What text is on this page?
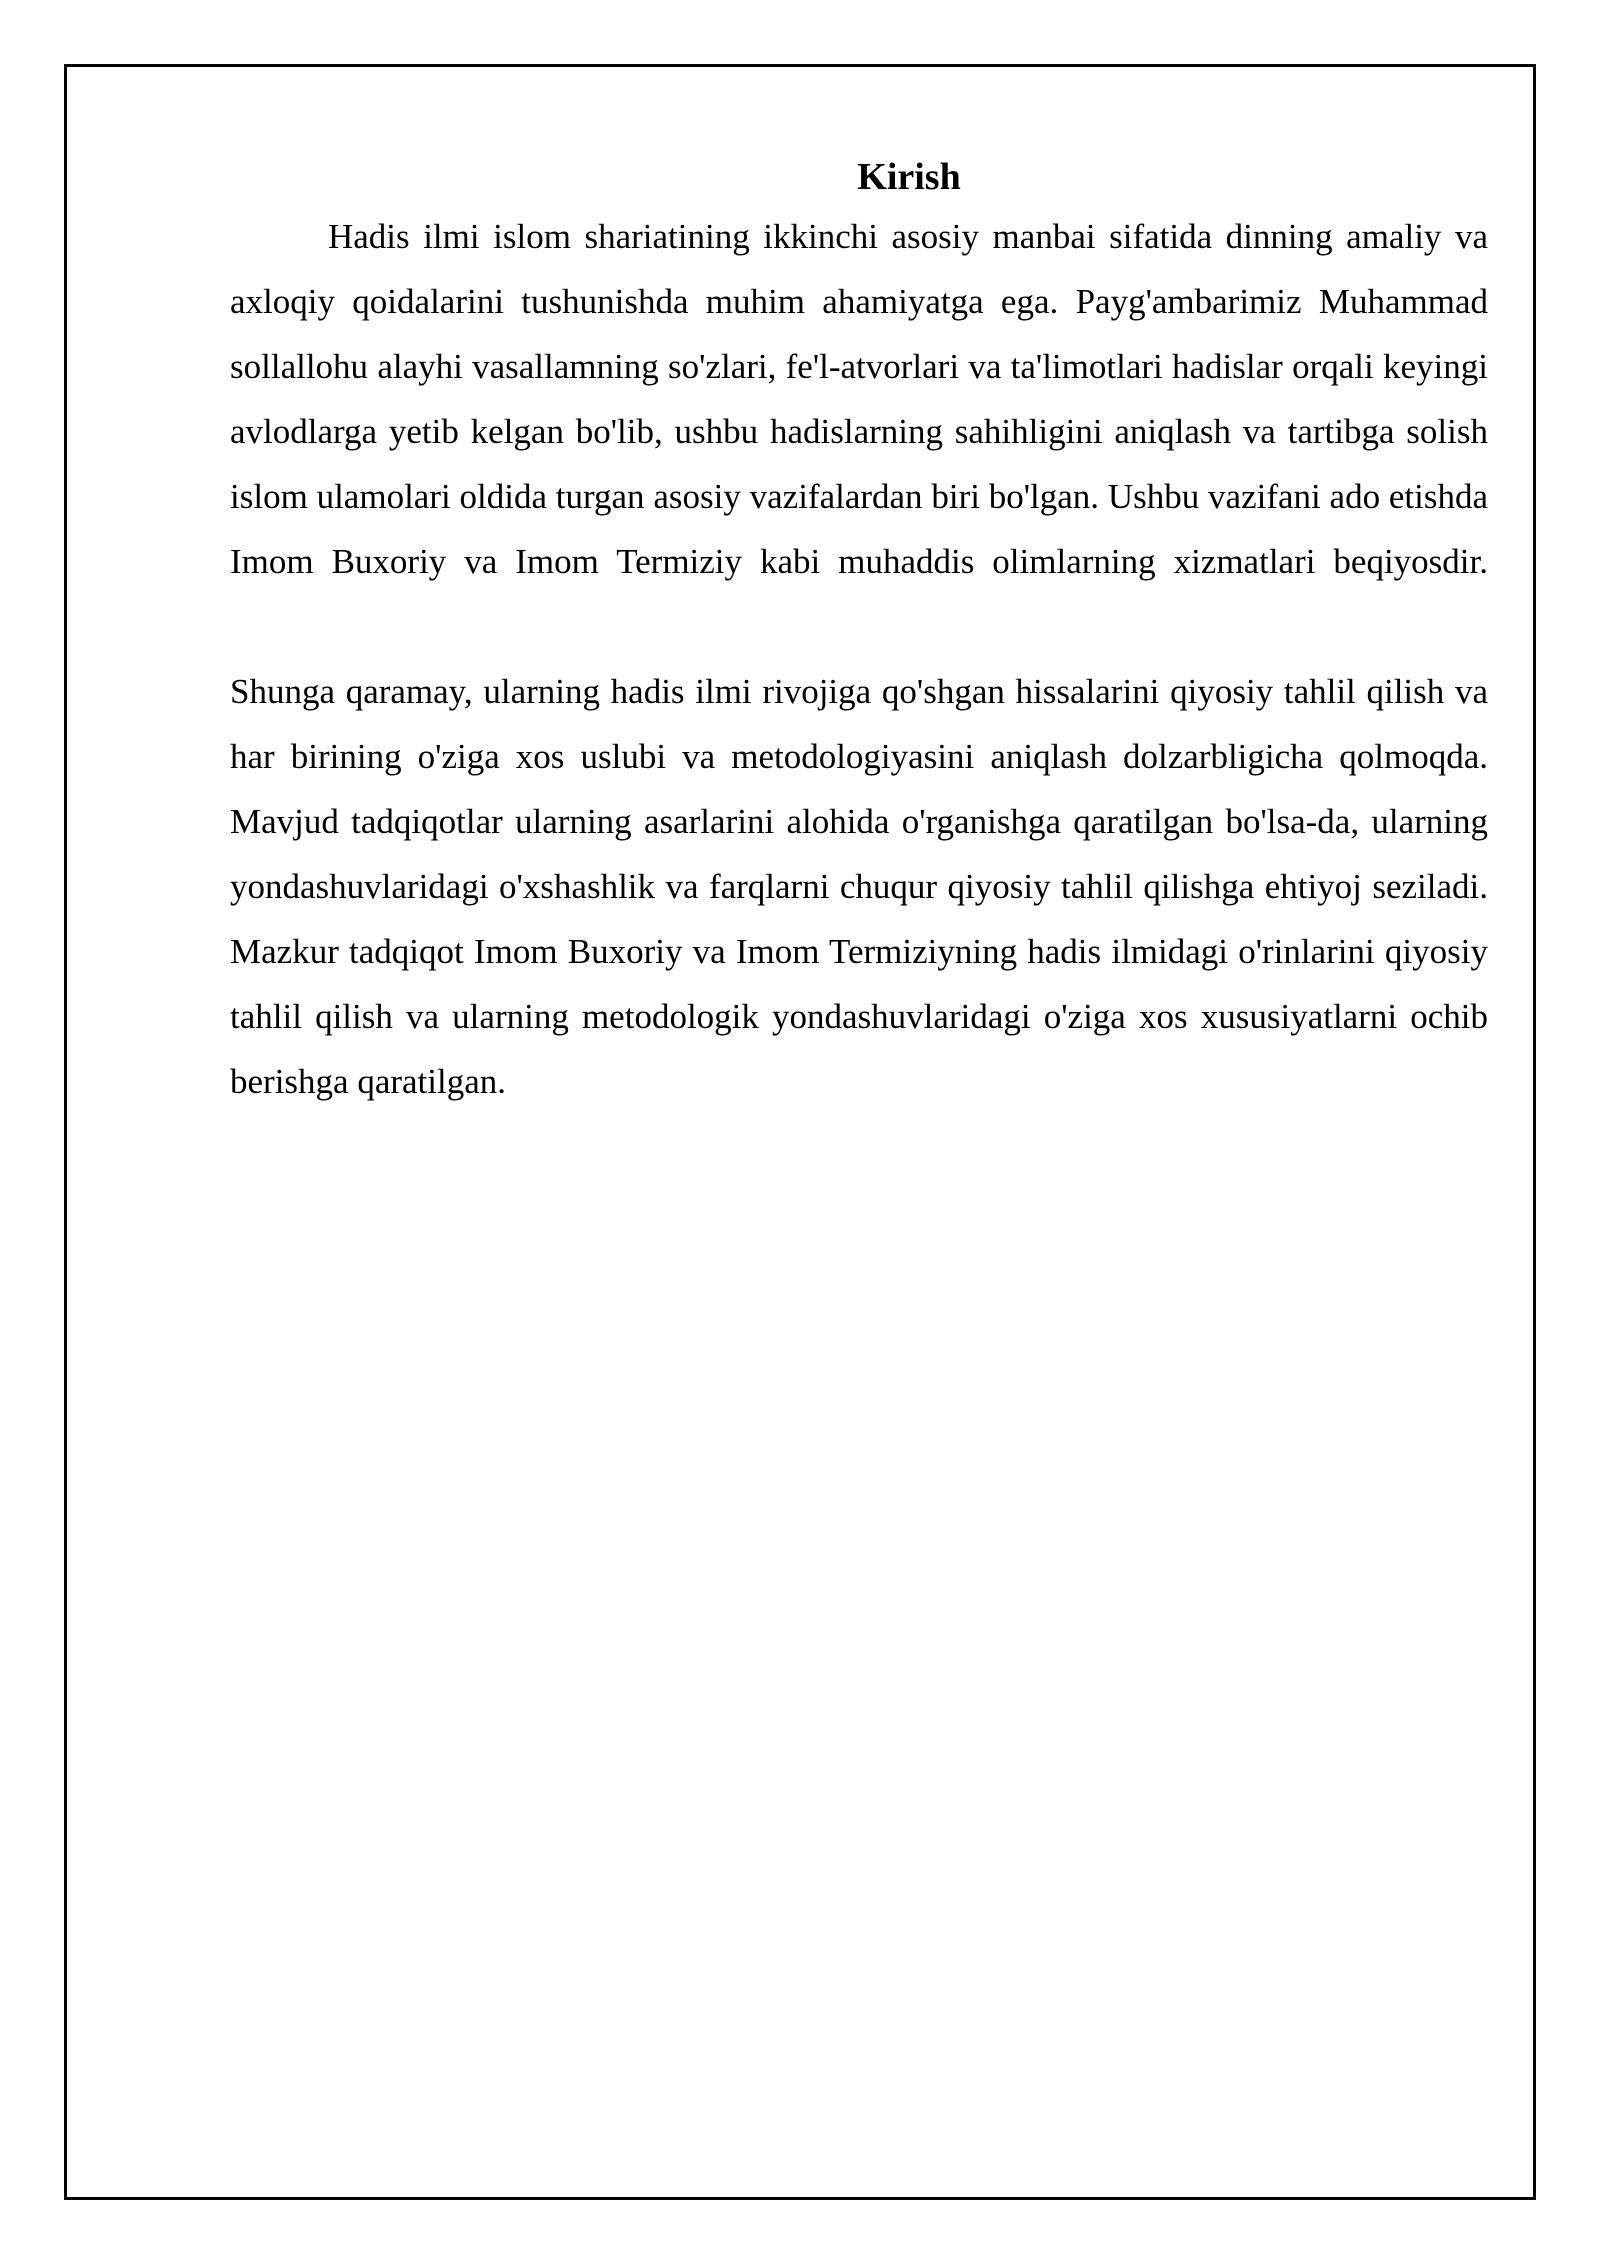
Kirish

Hadis ilmi islom shariatining ikkinchi asosiy manbai sifatida dinning amaliy va axloqiy qoidalarini tushunishda muhim ahamiyatga ega. Payg'ambarimiz Muhammad sollallohu alayhi vasallamning so'zlari, fe'l-atvorlari va ta'limotlari hadislar orqali keyingi avlodlarga yetib kelgan bo'lib, ushbu hadislarning sahihligini aniqlash va tartibga solish islom ulamolari oldida turgan asosiy vazifalardan biri bo'lgan. Ushbu vazifani ado etishda Imom Buxoriy va Imom Termiziy kabi muhaddis olimlarning xizmatlari beqiyosdir.

Shunga qaramay, ularning hadis ilmi rivojiga qo'shgan hissalarini qiyosiy tahlil qilish va har birining o'ziga xos uslubi va metodologiyasini aniqlash dolzarbligicha qolmoqda. Mavjud tadqiqotlar ularning asarlarini alohida o'rganishga qaratilgan bo'lsa-da, ularning yondashuvlaridagi o'xshashlik va farqlarni chuqur qiyosiy tahlil qilishga ehtiyoj seziladi. Mazkur tadqiqot Imom Buxoriy va Imom Termiziyning hadis ilmidagi o'rinlarini qiyosiy tahlil qilish va ularning metodologik yondashuvlaridagi o'ziga xos xususiyatlarni ochib berishga qaratilgan.
